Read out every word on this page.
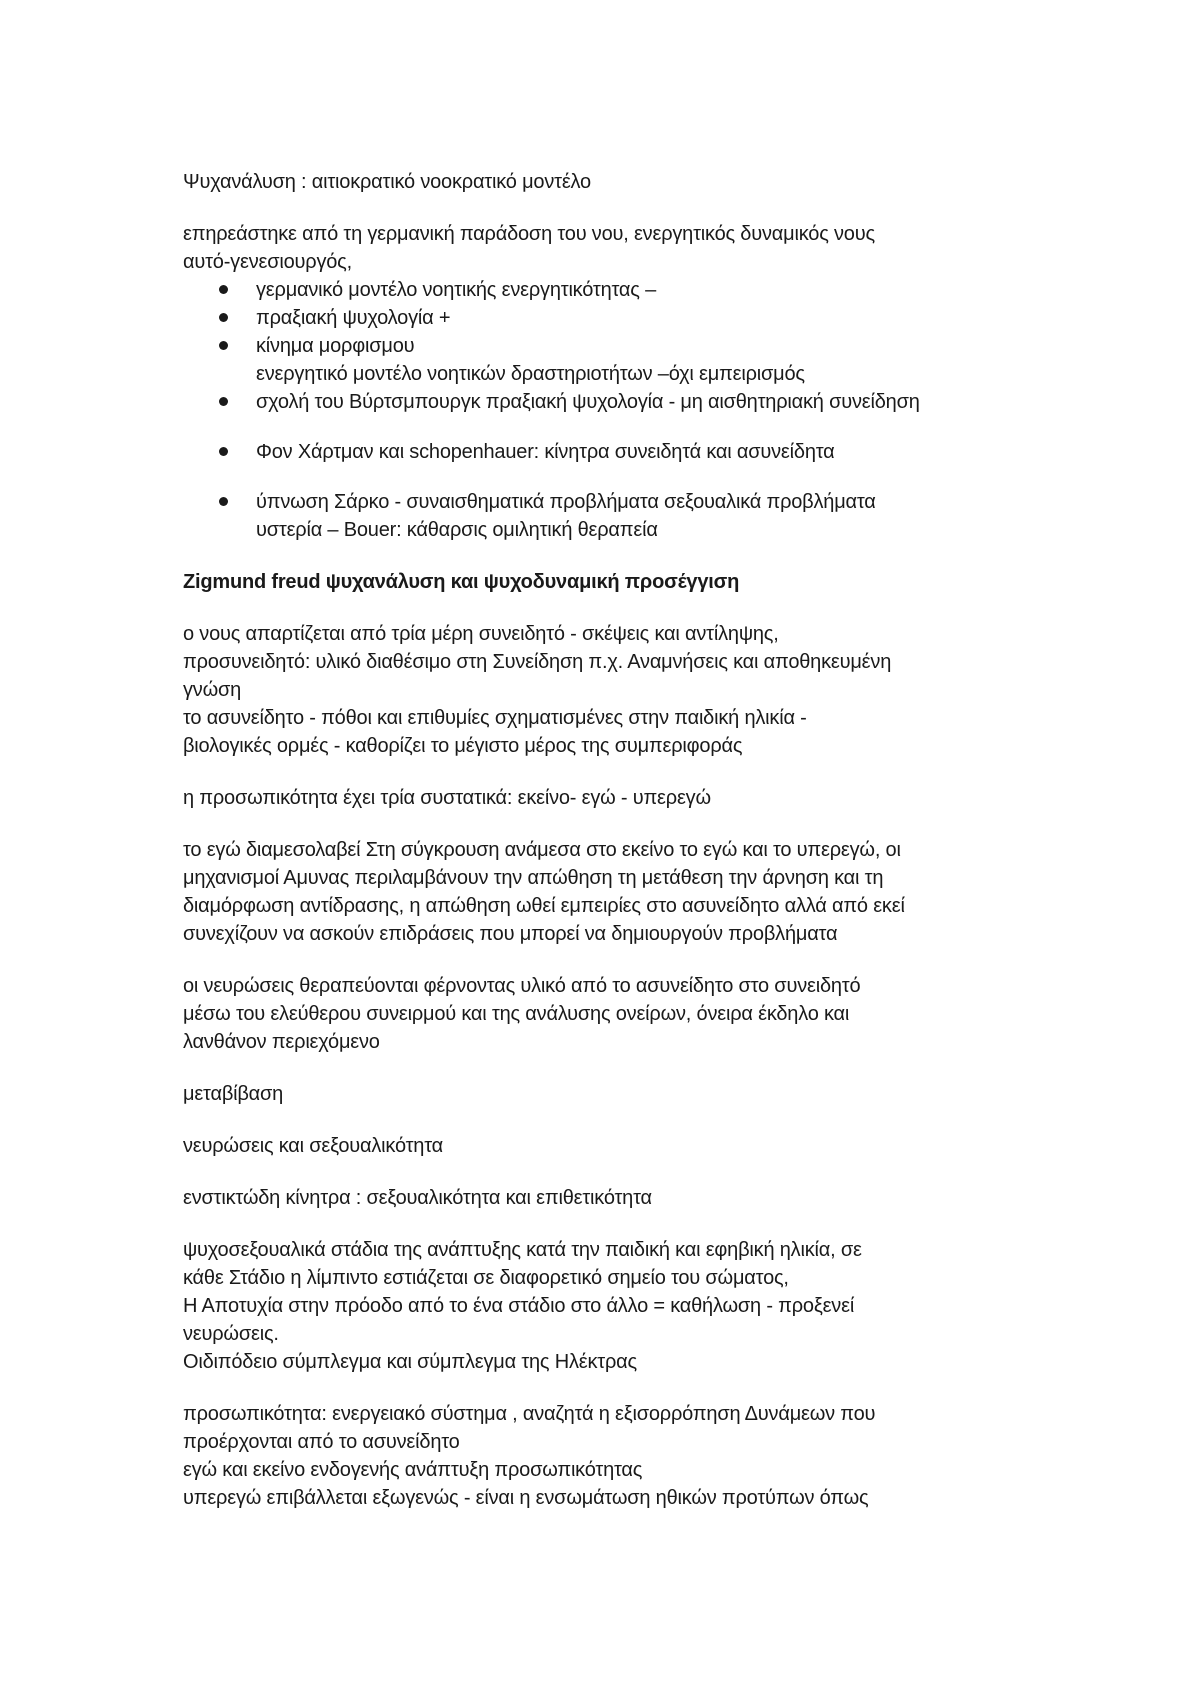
Ψυχανάλυση : αιτιοκρατικό νοοκρατικό μοντέλο

επηρεάστηκε από τη γερμανική παράδοση του νου, ενεργητικός δυναμικός νους

αυτό-γενεσιουργός,

γερμανικό μοντέλο νοητικής ενεργητικότητας –
πραξιακή ψυχολογία +
κίνημα μορφισμου
ενεργητικό μοντέλο νοητικών δραστηριοτήτων –όχι εμπειρισμός
σχολή του Βύρτσμπουργκ πραξιακή ψυχολογία - μη αισθητηριακή συνείδηση
Φον Χάρτμαν και schopenhauer: κίνητρα συνειδητά και ασυνείδητα
ύπνωση Σάρκο - συναισθηματικά προβλήματα σεξουαλικά προβλήματα
υστερία – Bouer: κάθαρσις ομιλητική θεραπεία

Zigmund freud ψυχανάλυση και ψυχοδυναμική προσέγγιση

ο νους απαρτίζεται από τρία μέρη συνειδητό - σκέψεις και αντίληψης,

προσυνειδητό: υλικό διαθέσιμο στη Συνείδηση π.χ. Αναμνήσεις και αποθηκευμένη

γνώση

το ασυνείδητο - πόθοι και επιθυμίες σχηματισμένες στην παιδική ηλικία -

βιολογικές ορμές - καθορίζει το μέγιστο μέρος της συμπεριφοράς

η προσωπικότητα έχει τρία συστατικά: εκείνο- εγώ - υπερεγώ

το εγώ διαμεσολαβεί Στη σύγκρουση ανάμεσα στο εκείνο το εγώ και το υπερεγώ, οι

μηχανισμοί Αμυνας περιλαμβάνουν την απώθηση τη μετάθεση την άρνηση και τη

διαμόρφωση αντίδρασης, η απώθηση ωθεί εμπειρίες στο ασυνείδητο αλλά από εκεί

συνεχίζουν να ασκούν επιδράσεις που μπορεί να δημιουργούν προβλήματα

οι νευρώσεις θεραπεύονται φέρνοντας υλικό από το ασυνείδητο στο συνειδητό

μέσω του ελεύθερου συνειρμού και της ανάλυσης ονείρων, όνειρα έκδηλο και

λανθάνον περιεχόμενο

μεταβίβαση

νευρώσεις και σεξουαλικότητα

ενστικτώδη κίνητρα : σεξουαλικότητα και επιθετικότητα

ψυχοσεξουαλικά στάδια της ανάπτυξης κατά την παιδική και εφηβική ηλικία, σε

κάθε Στάδιο η λίμπιντο εστιάζεται σε διαφορετικό σημείο του σώματος,

Η Αποτυχία στην πρόοδο από το ένα στάδιο στο άλλο = καθήλωση - προξενεί

νευρώσεις.

Οιδιπόδειο σύμπλεγμα και σύμπλεγμα της Ηλέκτρας

προσωπικότητα: ενεργειακό σύστημα , αναζητά η εξισορρόπηση Δυνάμεων που

προέρχονται από το ασυνείδητο

εγώ και εκείνο ενδογενής ανάπτυξη προσωπικότητας

υπερεγώ επιβάλλεται εξωγενώς - είναι η ενσωμάτωση ηθικών προτύπων όπως
